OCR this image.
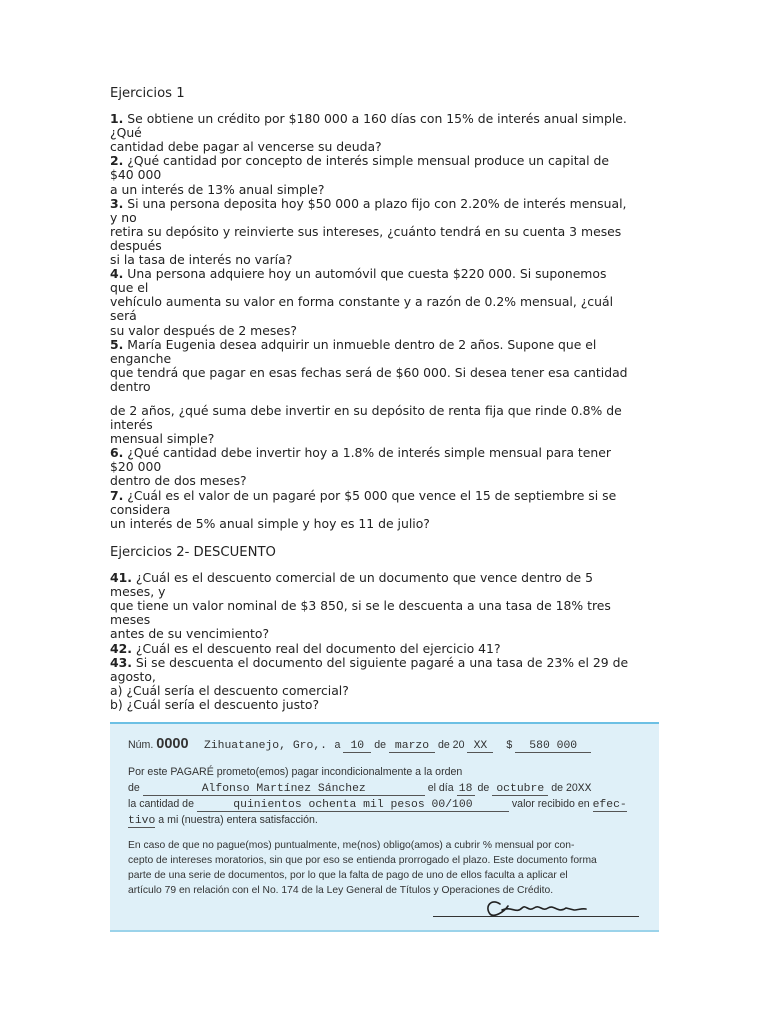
Ejercicios 1
1. Se obtiene un crédito por $180 000 a 160 días con 15% de interés anual simple.
¿Qué
cantidad debe pagar al vencerse su deuda?
2. ¿Qué cantidad por concepto de interés simple mensual produce un capital de
$40 000
a un interés de 13% anual simple?
3. Si una persona deposita hoy $50 000 a plazo fijo con 2.20% de interés mensual,
y no
retira su depósito y reinvierte sus intereses, ¿cuánto tendrá en su cuenta 3 meses
después
si la tasa de interés no varía?
4. Una persona adquiere hoy un automóvil que cuesta $220 000. Si suponemos
que el
vehículo aumenta su valor en forma constante y a razón de 0.2% mensual, ¿cuál
será
su valor después de 2 meses?
5. María Eugenia desea adquirir un inmueble dentro de 2 años. Supone que el
enganche
que tendrá que pagar en esas fechas será de $60 000. Si desea tener esa cantidad
dentro
de 2 años, ¿qué suma debe invertir en su depósito de renta fija que rinde 0.8% de
interés
mensual simple?
6. ¿Qué cantidad debe invertir hoy a 1.8% de interés simple mensual para tener
$20 000
dentro de dos meses?
7. ¿Cuál es el valor de un pagaré por $5 000 que vence el 15 de septiembre si se
considera
un interés de 5% anual simple y hoy es 11 de julio?
Ejercicios 2- DESCUENTO
41. ¿Cuál es el descuento comercial de un documento que vence dentro de 5
meses, y
que tiene un valor nominal de $3 850, si se le descuenta a una tasa de 18% tres
meses
antes de su vencimiento?
42. ¿Cuál es el descuento real del documento del ejercicio 41?
43. Si se descuenta el documento del siguiente pagaré a una tasa de 23% el 29 de
agosto,
a) ¿Cuál sería el descuento comercial?
b) ¿Cuál sería el descuento justo?
Núm. 0000 Zihuatanejo, Gro,. a 10 de marzo de 20 XX $ 580 000
Por este PAGARÉ prometo(emos) pagar incondicionalmente a la orden
de	Alfonso Martínez Sánchez	el día 18 de octubre de 20XX
la cantidad de	quinientos ochenta mil pesos 00/100	valor recibido en efec-
tivo a mi (nuestra) entera satisfacción.
En caso de que no pague(mos) puntualmente, me(nos) obligo(amos) a cubrir % mensual por con-
cepto de intereses moratorios, sin que por eso se entienda prorrogado el plazo. Este documento forma
parte de una serie de documentos, por lo que la falta de pago de uno de ellos faculta a aplicar el
artículo 79 en relación con el No. 174 de la Ley General de Títulos y Operaciones de Crédito.
